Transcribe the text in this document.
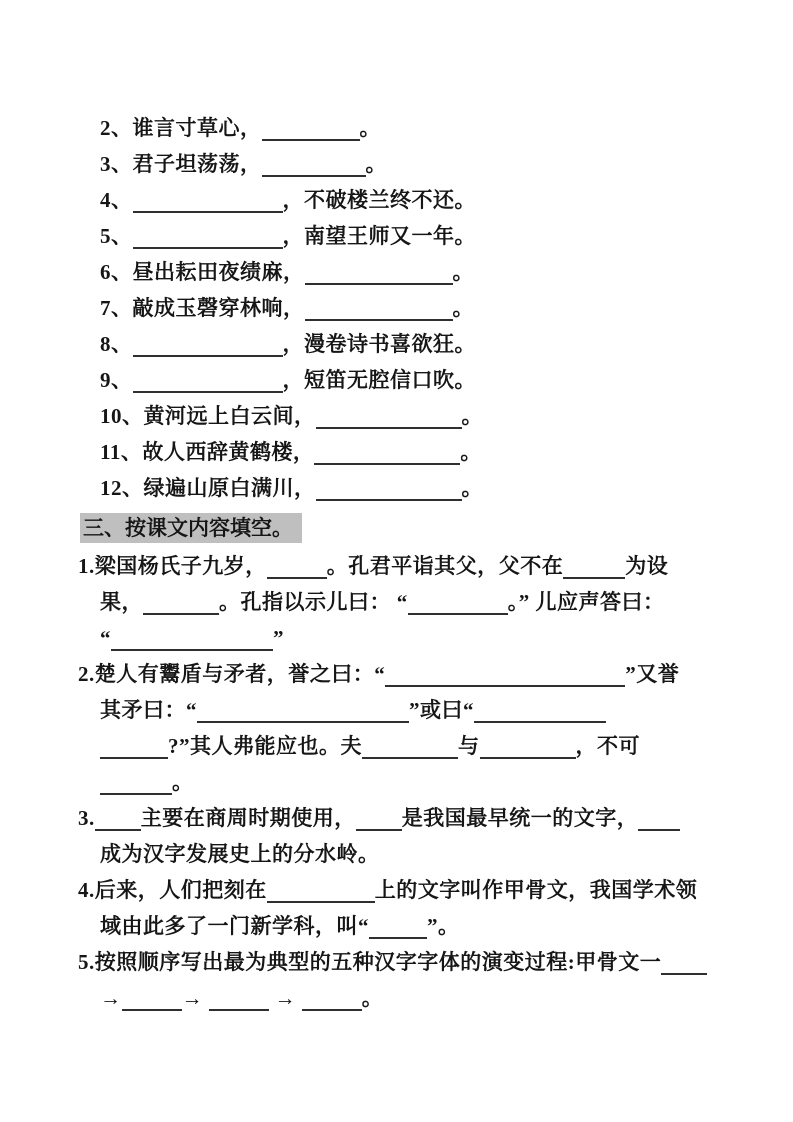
2、谁言寸草心，	。
3、君子坦荡荡，	。
4、	，不破楼兰终不还。
5、	，南望王师又一年。
6、昼出耘田夜绩麻，	。
7、敲成玉磬穿林响，	。
8、	，漫卷诗书喜欲狂。
9、	，短笛无腔信口吹。
10、黄河远上白云间，	。
11、故人西辞黄鹤楼，	。
12、绿遍山原白满川，	。
三、按课文内容填空。
1.梁国杨氏子九岁，	。孔君平诣其父，父不在	为设
果，	。孔指以示儿曰： “	。” 儿应声答曰：
“	”
2.楚人有鬻盾与矛者，誉之曰：“	”又誉
其矛曰：“	”或曰“
?”其人弗能应也。夫	与	，不可
。
3. 主要在商周时期使用， 是我国最早统一的文字，
成为汉字发展史上的分水岭。
4.后来，人们把刻在	上的文字叫作甲骨文，我国学术领
域由此多了一门新学科，叫“	”。
5.按照顺序写出最为典型的五种汉字字体的演变过程:甲骨文一
→	→	→	。
